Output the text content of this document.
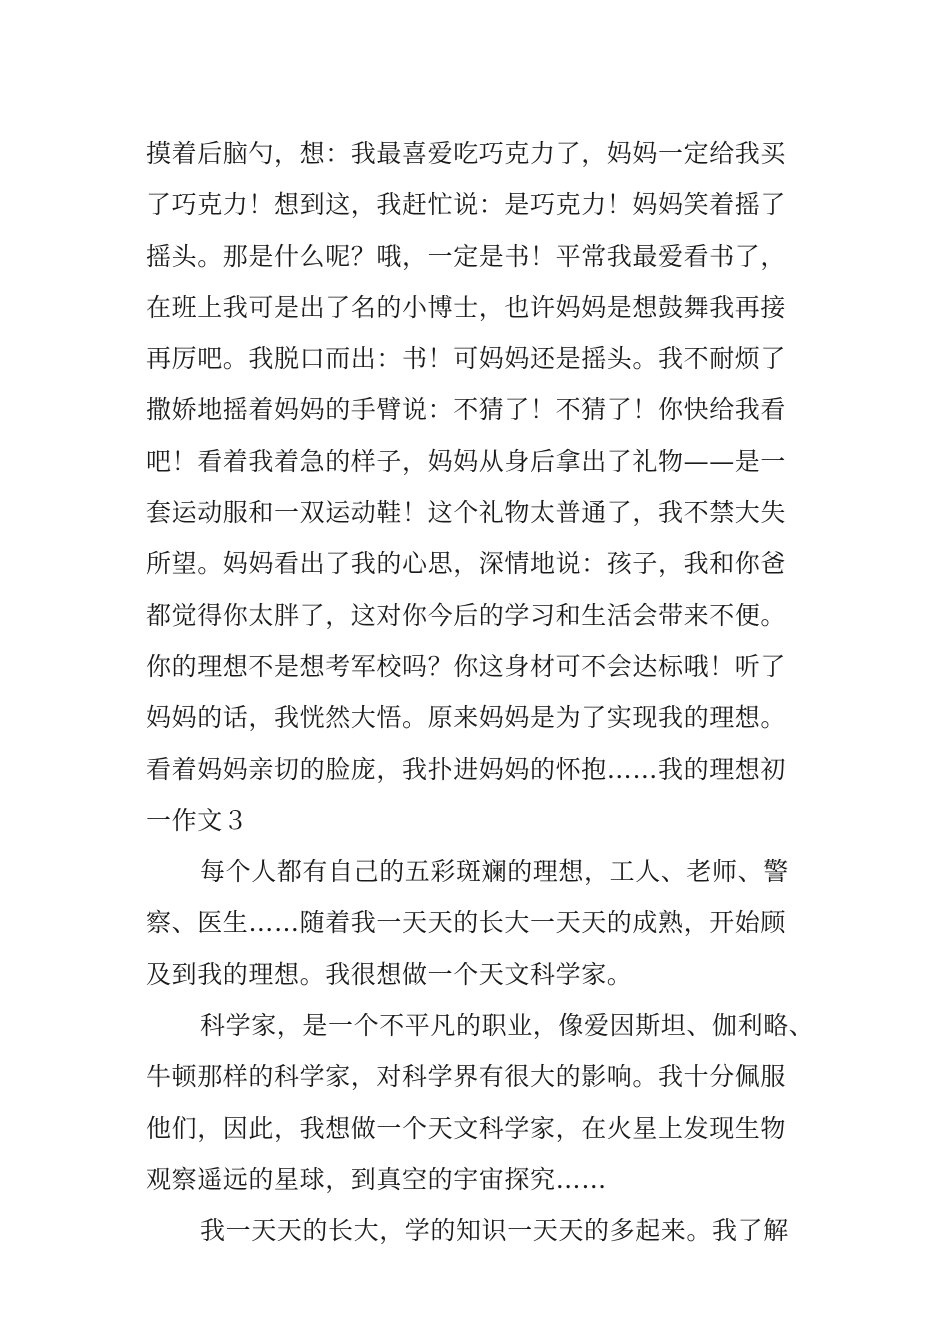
摸着后脑勺，想：我最喜爱吃巧克力了，妈妈一定给我买
了巧克力！想到这，我赶忙说：是巧克力！妈妈笑着摇了
摇头。那是什么呢？哦，一定是书！平常我最爱看书了，
在班上我可是出了名的小博士，也许妈妈是想鼓舞我再接
再厉吧。我脱口而出：书！可妈妈还是摇头。我不耐烦了
撒娇地摇着妈妈的手臂说：不猜了！不猜了！你快给我看
吧！看着我着急的样子，妈妈从身后拿出了礼物——是一
套运动服和一双运动鞋！这个礼物太普通了，我不禁大失
所望。妈妈看出了我的心思，深情地说：孩子，我和你爸
都觉得你太胖了，这对你今后的学习和生活会带来不便。
你的理想不是想考军校吗？你这身材可不会达标哦！听了
妈妈的话，我恍然大悟。原来妈妈是为了实现我的理想。
看着妈妈亲切的脸庞，我扑进妈妈的怀抱……我的理想初
一作文３
每个人都有自己的五彩斑斓的理想，工人、老师、警
察、医生……随着我一天天的长大一天天的成熟，开始顾
及到我的理想。我很想做一个天文科学家。
科学家，是一个不平凡的职业，像爱因斯坦、伽利略、
牛顿那样的科学家，对科学界有很大的影响。我十分佩服
他们，因此，我想做一个天文科学家，在火星上发现生物
观察遥远的星球，到真空的宇宙探究……
我一天天的长大，学的知识一天天的多起来。我了解
